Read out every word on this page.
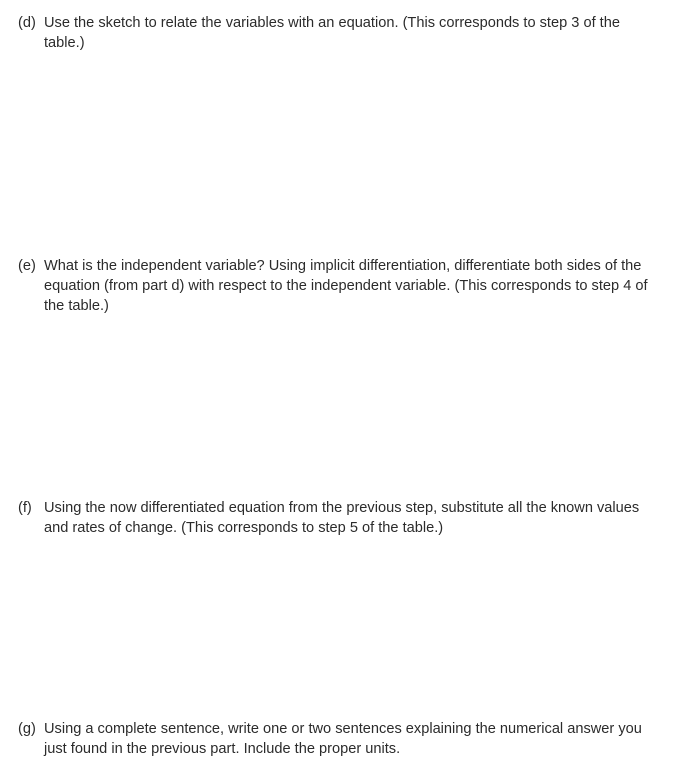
(d) Use the sketch to relate the variables with an equation. (This corresponds to step 3 of the table.)
(e) What is the independent variable? Using implicit differentiation, differentiate both sides of the equation (from part d) with respect to the independent variable. (This corresponds to step 4 of the table.)
(f) Using the now differentiated equation from the previous step, substitute all the known values and rates of change. (This corresponds to step 5 of the table.)
(g) Using a complete sentence, write one or two sentences explaining the numerical answer you just found in the previous part. Include the proper units.
